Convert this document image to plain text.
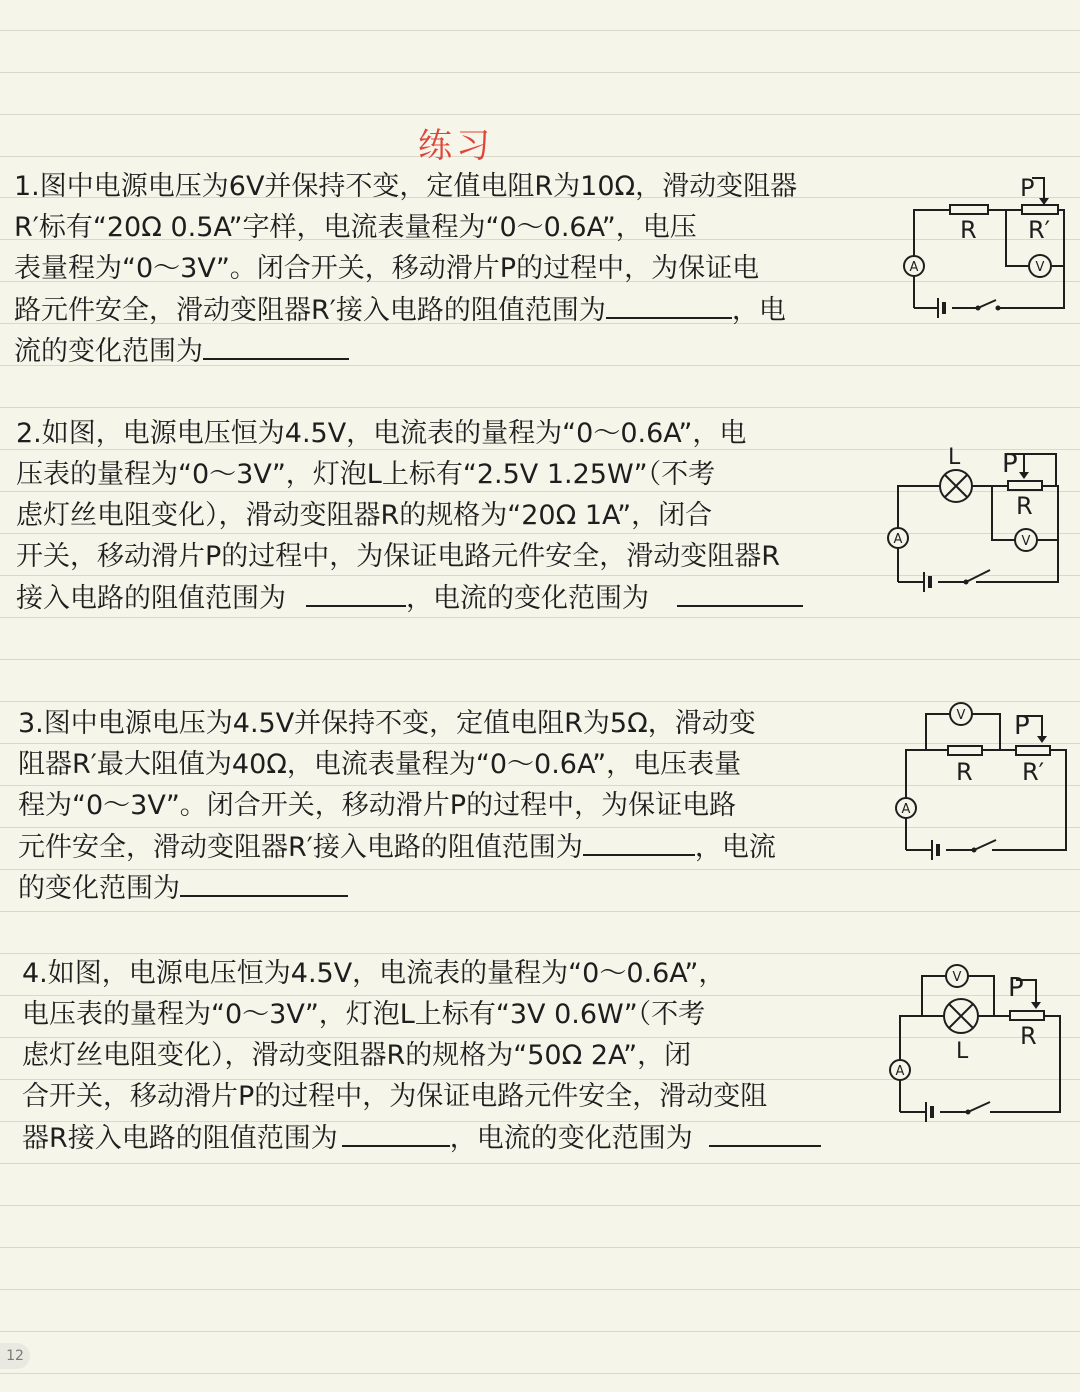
练习
1.图中电源电压为6V并保持不变，定值电阻R为10Ω，滑动变阻器
R′标有“20Ω 0.5A”字样，电流表量程为“0～0.6A”，电压
表量程为“0～3V”。闭合开关，移动滑片P的过程中，为保证电
路元件安全，滑动变阻器R′接入电路的阻值范围为	，电
流的变化范围为
A	V
P
R R′
2.如图，电源电压恒为4.5V，电流表的量程为“0～0.6A”，电
压表的量程为“0～3V”，灯泡L上标有“2.5V 1.25W”（不考
虑灯丝电阻变化），滑动变阻器R的规格为“20Ω 1A”，闭合
开关，移动滑片P的过程中，为保证电路元件安全，滑动变阻器R
接入电路的阻值范围为	，电流的变化范围为
A	V
L P
R
3.图中电源电压为4.5V并保持不变，定值电阻R为5Ω，滑动变
阻器R′最大阻值为40Ω，电流表量程为“0～0.6A”，电压表量
程为“0～3V”。闭合开关，移动滑片P的过程中，为保证电路
元件安全，滑动变阻器R′接入电路的阻值范围为	，电流
的变化范围为
A
V P
R R′
4.如图，电源电压恒为4.5V，电流表的量程为“0～0.6A”，
电压表的量程为“0～3V”，灯泡L上标有“3V 0.6W”（不考
虑灯丝电阻变化），滑动变阻器R的规格为“50Ω 2A”，闭
合开关，移动滑片P的过程中，为保证电路元件安全，滑动变阻
器R接入电路的阻值范围为	，电流的变化范围为
A
V P
L
R
12
